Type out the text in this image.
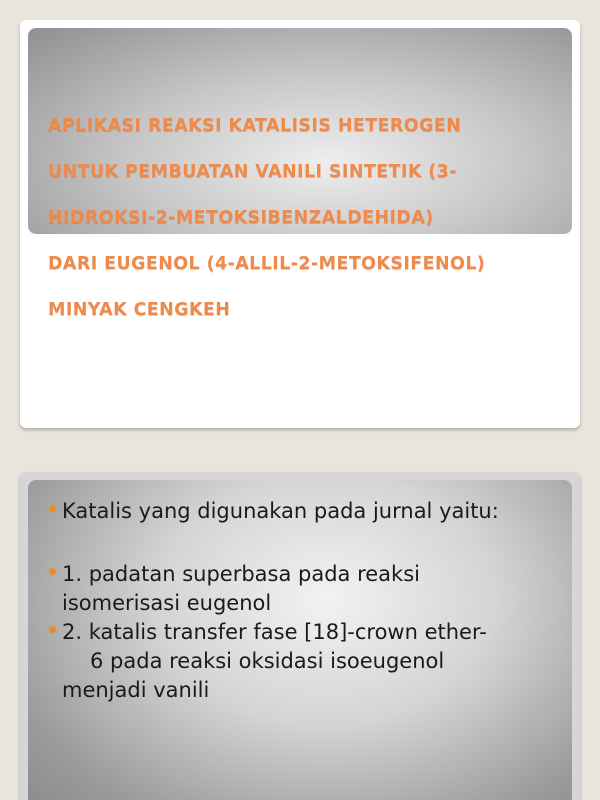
APLIKASI REAKSI KATALISIS HETEROGEN

UNTUK PEMBUATAN VANILI SINTETIK (3-

HIDROKSI-2-METOKSIBENZALDEHIDA)

DARI EUGENOL (4-ALLIL-2-METOKSIFENOL)

MINYAK CENGKEH

Katalis yang digunakan pada jurnal yaitu:
1. padatan superbasa pada reaksi
isomerisasi eugenol
2. katalis transfer fase [18]-crown ether-
6 pada reaksi oksidasi isoeugenol
menjadi vanili
